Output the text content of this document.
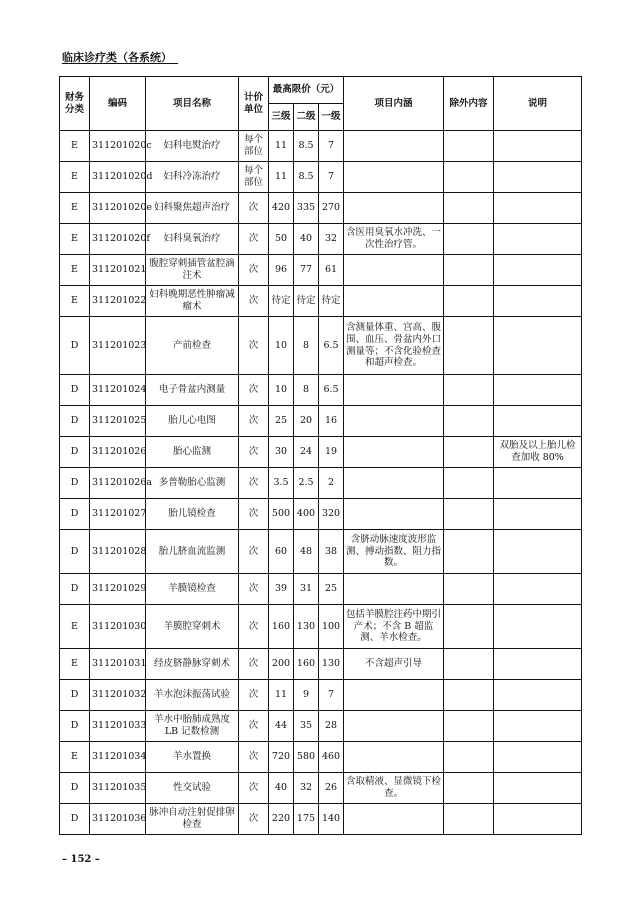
临床诊疗类（各系统）
财务分类	编码	项目名称	计价单位	最高限价（元）			项目内涵	除外内容	说明
				三级	二级	一级			
E	311201020c	妇科电熨治疗	每个部位	11	8.5	7			
E	311201020d	妇科冷冻治疗	每个部位	11	8.5	7			
E	311201020e	妇科聚焦超声治疗	次	420	335	270			
E	311201020f	妇科臭氧治疗	次	50	40	32	含医用臭氧水冲洗、一次性治疗管。		
E	311201021	腹腔穿刺插管盆腔滴注术	次	96	77	61			
E	311201022	妇科晚期恶性肿瘤减瘤术	次	待定	待定	待定			
D	311201023	产前检查	次	10	8	6.5	含测量体重、宫高、腹围、血压、骨盆内外口测量等；不含化验检查和超声检查。		
D	311201024	电子骨盆内测量	次	10	8	6.5			
D	311201025	胎儿心电图	次	25	20	16			
D	311201026	胎心监测	次	30	24	19			双胎及以上胎儿检查加收 80%
D	311201026a	多普勒胎心监测	次	3.5	2.5	2			
D	311201027	胎儿镜检查	次	500	400	320			
D	311201028	胎儿脐血流监测	次	60	48	38	含脐动脉速度波形监测、搏动指数、阻力指数。		
D	311201029	羊膜镜检查	次	39	31	25			
E	311201030	羊膜腔穿刺术	次	160	130	100	包括羊膜腔注药中期引产术；不含 B 超监测、羊水检查。		
E	311201031	经皮脐静脉穿刺术	次	200	160	130	不含超声引导		
D	311201032	羊水泡沫振荡试验	次	11	9	7			
D	311201033	羊水中胎肺成熟度LB 记数检测	次	44	35	28			
E	311201034	羊水置换	次	720	580	460			
D	311201035	性交试验	次	40	32	26	含取精液、显微镜下检查。		
D	311201036	脉冲自动注射促排卵检查	次	220	175	140			
– 152 –
